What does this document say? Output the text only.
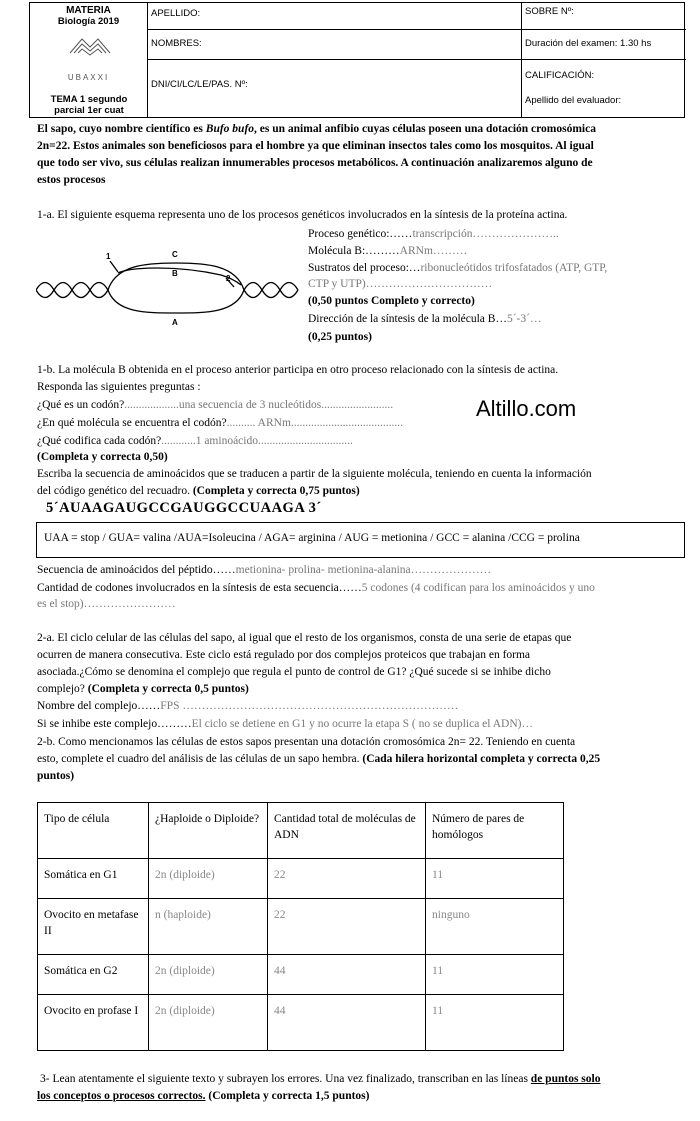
MATERIA
Biología 2019
UBAXXI
TEMA 1 segundo parcial 1er cuat
APELLIDO:
NOMBRES:
DNI/CI/LC/LE/PAS. Nº:
SOBRE Nº:
Duración del examen: 1.30 hs
CALIFICACIÓN:
Apellido del evaluador:
El sapo, cuyo nombre científico es Bufo bufo, es un animal anfibio cuyas células poseen una dotación cromosómica
2n=22. Estos animales son beneficiosos para el hombre ya que eliminan insectos tales como los mosquitos. Al igual
que todo ser vivo, sus células realizan innumerables procesos metabólicos. A continuación analizaremos alguno de
estos procesos
1-a. El siguiente esquema representa uno de los procesos genéticos involucrados en la síntesis de la proteína actina.
1
2
C
B
A
Proceso genético:……transcripción…………………..
Molécula B:………ARNm………
Sustratos del proceso:…ribonucleótidos trifosfatados (ATP, GTP,
CTP y UTP)……………………………
(0,50 puntos Completo y correcto)
Dirección de la síntesis de la molécula B…5´-3´…
(0,25 puntos)
1-b. La molécula B obtenida en el proceso anterior participa en otro proceso relacionado con la síntesis de actina.
Responda las siguientes preguntas :
¿Qué es un codón?...................una secuencia de 3 nucleótidos.........................
¿En qué molécula se encuentra el codón?.......... ARNm.......................................
¿Qué codifica cada codón?............1 aminoácido.................................
(Completa y correcta 0,50)
Escriba la secuencia de aminoácidos que se traducen a partir de la siguiente molécula, teniendo en cuenta la información
del código genético del recuadro. (Completa y correcta 0,75 puntos)
5´AUAAGAUGCCGAUGGCCUAAGA 3´
Altillo.com
UAA = stop / GUA= valina /AUA=Isoleucina / AGA= arginina / AUG = metionina / GCC = alanina /CCG = prolina
Secuencia de aminoácidos del péptido……metionina- prolina- metionina-alanina…………………
Cantidad de codones involucrados en la síntesis de esta secuencia……5 codones (4 codifican para los aminoácidos y uno
es el stop)……………………
2-a. El ciclo celular de las células del sapo, al igual que el resto de los organismos, consta de una serie de etapas que
ocurren de manera consecutiva. Este ciclo está regulado por dos complejos proteicos que trabajan en forma
asociada.¿Cómo se denomina el complejo que regula el punto de control de G1? ¿Qué sucede si se inhibe dicho
complejo? (Completa y correcta 0,5 puntos)
Nombre del complejo……FPS ………………………………………………………………
Si se inhibe este complejo………El ciclo se detiene en G1 y no ocurre la etapa S ( no se duplica el ADN)…
2-b. Como mencionamos las células de estos sapos presentan una dotación cromosómica 2n= 22. Teniendo en cuenta
esto, complete el cuadro del análisis de las células de un sapo hembra. (Cada hilera horizontal completa y correcta 0,25
puntos)
Tipo de célula	¿Haploide o Diploide?	Cantidad total de moléculas de ADN	Número de pares de homólogos
Somática en G1	2n (diploide)	22	11
Ovocito en metafase II	n (haploide)	22	ninguno
Somática en G2	2n (diploide)	44	11
Ovocito en profase I	2n (diploide)	44	11
3- Lean atentamente el siguiente texto y subrayen los errores. Una vez finalizado, transcriban en las líneas de puntos solo
los conceptos o procesos correctos. (Completa y correcta 1,5 puntos)
